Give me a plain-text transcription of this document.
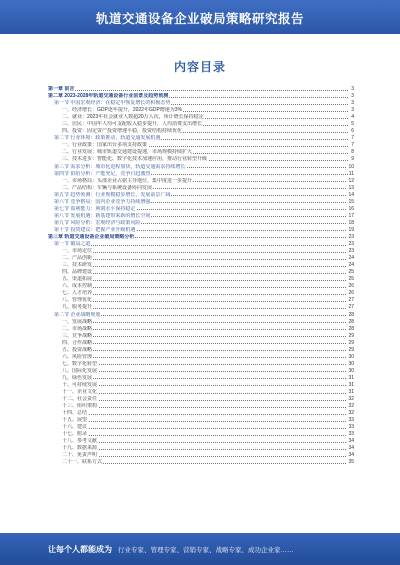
轨道交通设备企业破局策略研究报告
内容目录
第一章 前言	3
第二章 2023-2028年轨道交通设备行业前景及趋势预测	3
第一节 中国宏观经济：在稳定中恢复增长的积极态势	3
一、经济增长：GDP逐年提升，2022年GDP增速为3%	3
二、就业：2023年社会就业人数超20万人次，预计增长保持稳定	4
三、居民：中国年人均可支配收入稳步提升，人均消费支出增长	5
四、投资：固定资产投资增速平稳，投资结构持续优化	6
第二节 行业环境：政策推动，轨道交通发展机遇	7
一、行业政策：国家出台多项支持政策	7
二、行业发展：城市轨道交通建设提速，市场规模持续扩大	8
三、技术进步：智能化、数字化技术加速应用，推动行业转型升级	9
第三节 需求分析：城市化进程加快，轨道交通需求持续增长	10
第四节 供给分析：产能充足，竞争日趋激烈	11
一、市场格局：头部企业占据主导地位，集中度进一步提升	12
二、产品结构：车辆与系统设备协同发展	13
第五节 趋势预测：行业规模稳步增长，发展前景广阔	14
第六节 竞争格局：国内企业竞争力持续增强	15
第七节 盈利能力：利润水平保持稳定	16
第八节 发展机遇：新基建带来新的增长空间	17
第九节 风险分析：宏观经济与政策风险	18
第十节 投资建议：把握产业升级机遇	19
第三章 轨道交通设备企业破局策略分析	23
第一节 破局之道	23
一、市场定位	23
二、产品创新	24
三、技术研发	24
四、品牌建设	25
五、渠道拓展	25
六、成本控制	26
七、人才培养	26
八、管理优化	27
九、服务提升	27
第二节 企业战略规划	28
一、发展战略	28
二、市场战略	28
三、竞争战略	29
四、合作战略	29
五、投资战略	29
六、风险管理	30
七、数字化转型	30
八、国际化发展	30
九、绿色发展	31
十、可持续发展	31
十一、企业文化	31
十二、社会责任	32
十三、组织架构	32
十四、总结	32
十五、展望	33
十六、建议	33
十七、附录	33
十八、参考文献	34
十九、数据来源	34
二十、免责声明	34
二十一、联系方式	35
让每个人都能成为 行业专家、管理专家、营销专家、战略专家、成功企业家……
